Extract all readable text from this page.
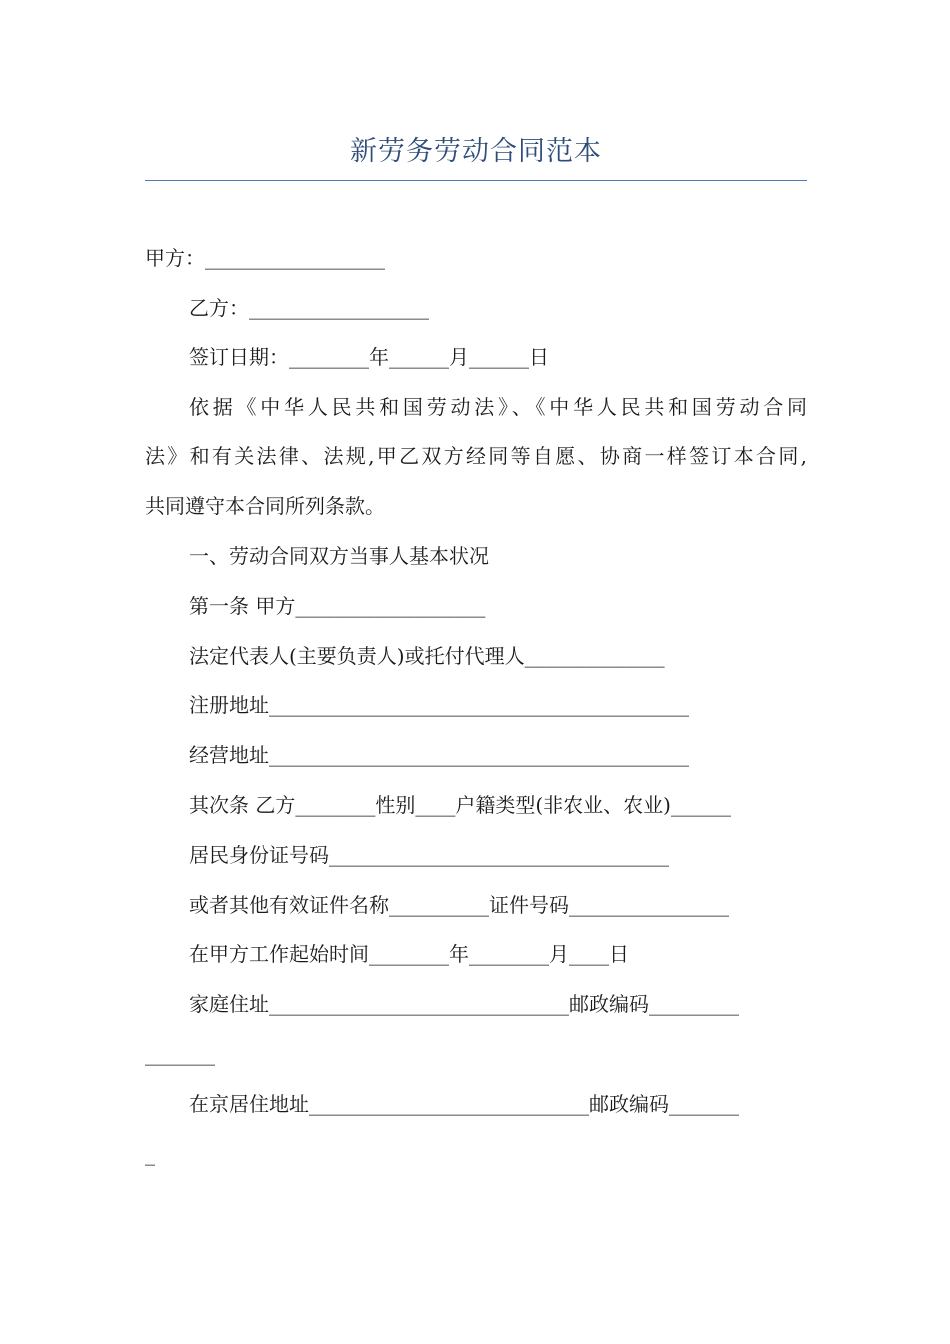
新劳务劳动合同范本
甲方：__________________
乙方：__________________
签订日期：________年______月______日
依据《中华人民共和国劳动法》、《中华人民共和国劳动合同
法》和有关法律、法规,甲乙双方经同等自愿、协商一样签订本合同,
共同遵守本合同所列条款。
一、劳动合同双方当事人基本状况
第一条 甲方___________________
法定代表人(主要负责人)或托付代理人______________
注册地址__________________________________________
经营地址__________________________________________
其次条 乙方________性别____户籍类型(非农业、农业)______
居民身份证号码__________________________________
或者其他有效证件名称__________证件号码________________
在甲方工作起始时间________年________月____日
家庭住址______________________________邮政编码_________
_______
在京居住地址____________________________邮政编码_______
_
